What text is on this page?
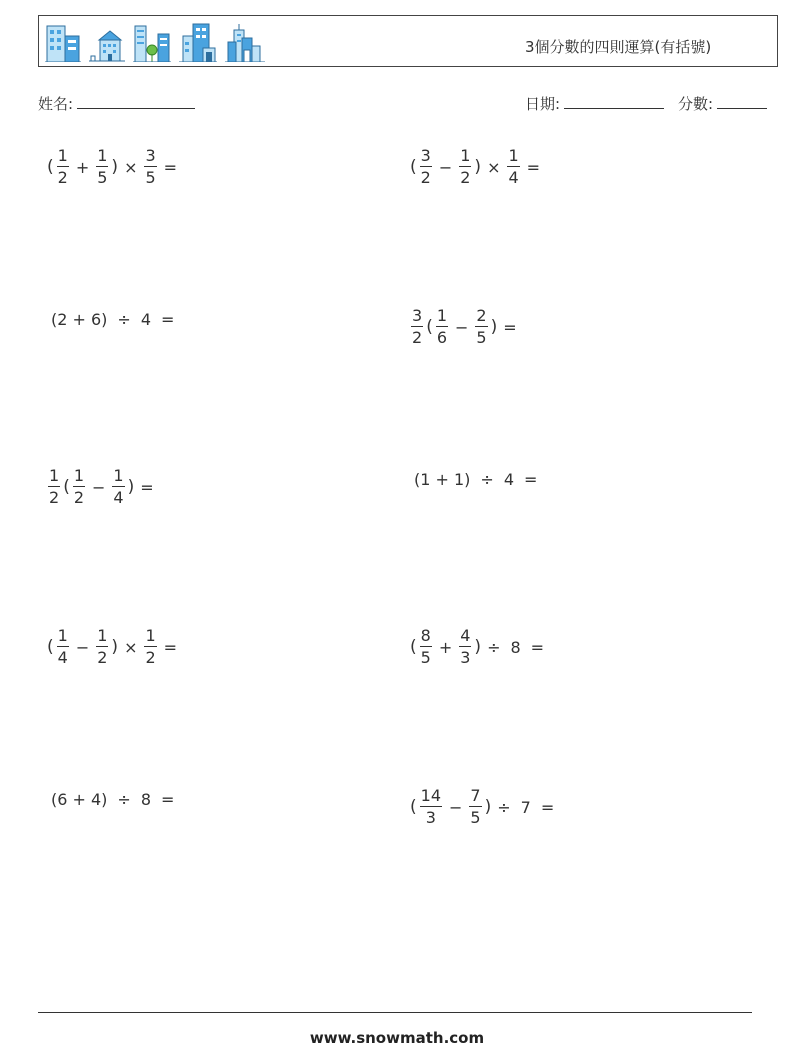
3個分數的四則運算(有括號)
姓名:	日期:	分數:
( $\frac{1}{2} + \frac{1}{5}$ ) × $\frac{3}{5}$ =	( $\frac{3}{2} - \frac{1}{2}$ ) × $\frac{1}{4}$ =
(2 + 6) ÷ 4 =	$\frac{3}{2}$ ( $\frac{1}{6} - \frac{2}{5}$ ) =
$\frac{1}{2}$ ( $\frac{1}{2} - \frac{1}{4}$ ) =	(1 + 1) ÷ 4 =
( $\frac{1}{4} - \frac{1}{2}$ ) × $\frac{1}{2}$ =	( $\frac{8}{5} + \frac{4}{3}$ ) ÷ 8 =
(6 + 4) ÷ 8 =	( $\frac{14}{3} - \frac{7}{5}$ ) ÷ 7 =
www.snowmath.com
